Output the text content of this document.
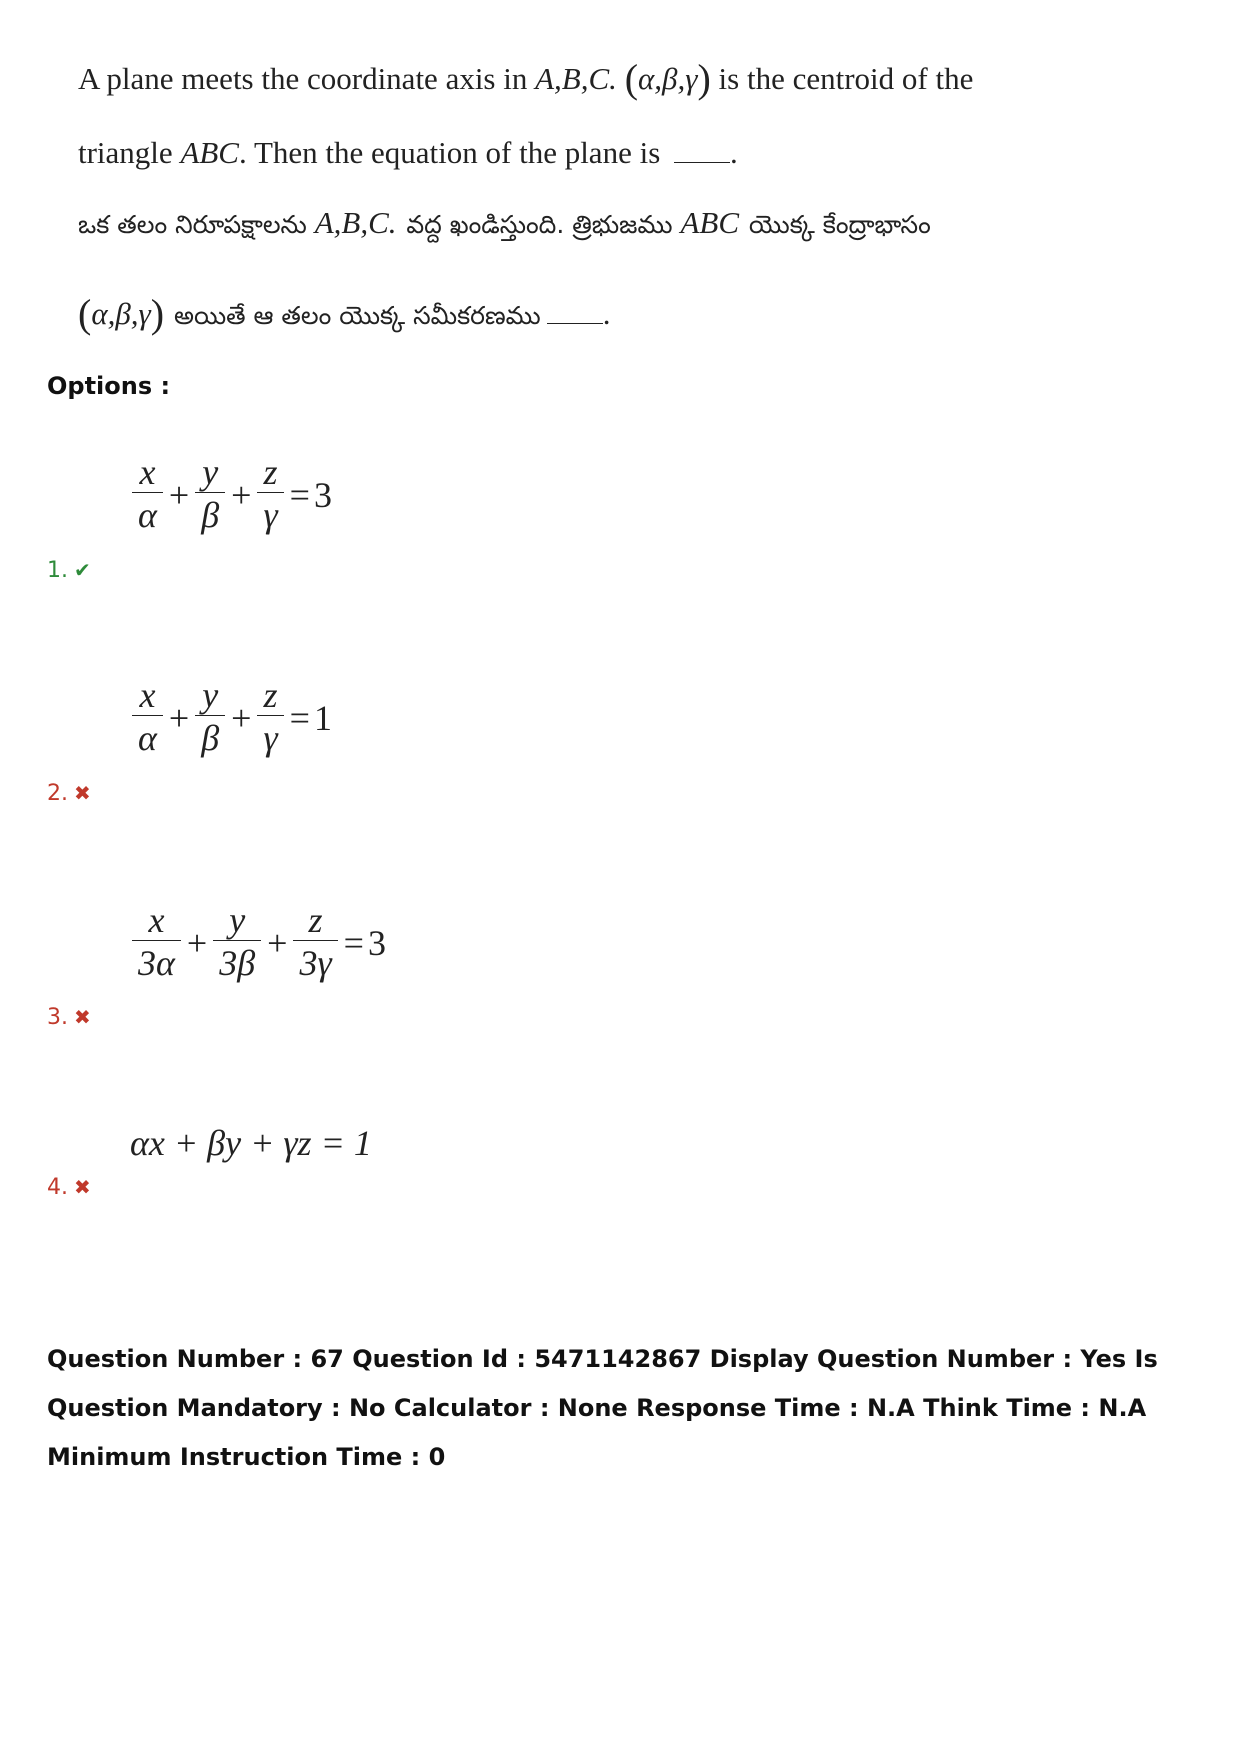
A plane meets the coordinate axis in A,B,C. (α,β,γ) is the centroid of the
triangle ABC. Then the equation of the plane is .
ఒక తలం నిరూపక్షాలను A,B,C. వద్ద ఖండిస్తుంది. త్రిభుజము ABC యొక్క కేంద్రాభాసం
(α,β,γ) అయితే ఆ తలం యొక్క సమీకరణము .
Options :
$\frac{x}{\alpha} + \frac{y}{\beta} + \frac{z}{\gamma} = 3$
1. ✔
$\frac{x}{\alpha} + \frac{y}{\beta} + \frac{z}{\gamma} = 1$
2. ✖
$\frac{x}{3\alpha} + \frac{y}{3\beta} + \frac{z}{3\gamma} = 3$
3. ✖
αx + βy + γz = 1
4. ✖
Question Number : 67 Question Id : 5471142867 Display Question Number : Yes Is Question Mandatory : No Calculator : None Response Time : N.A Think Time : N.A Minimum Instruction Time : 0
